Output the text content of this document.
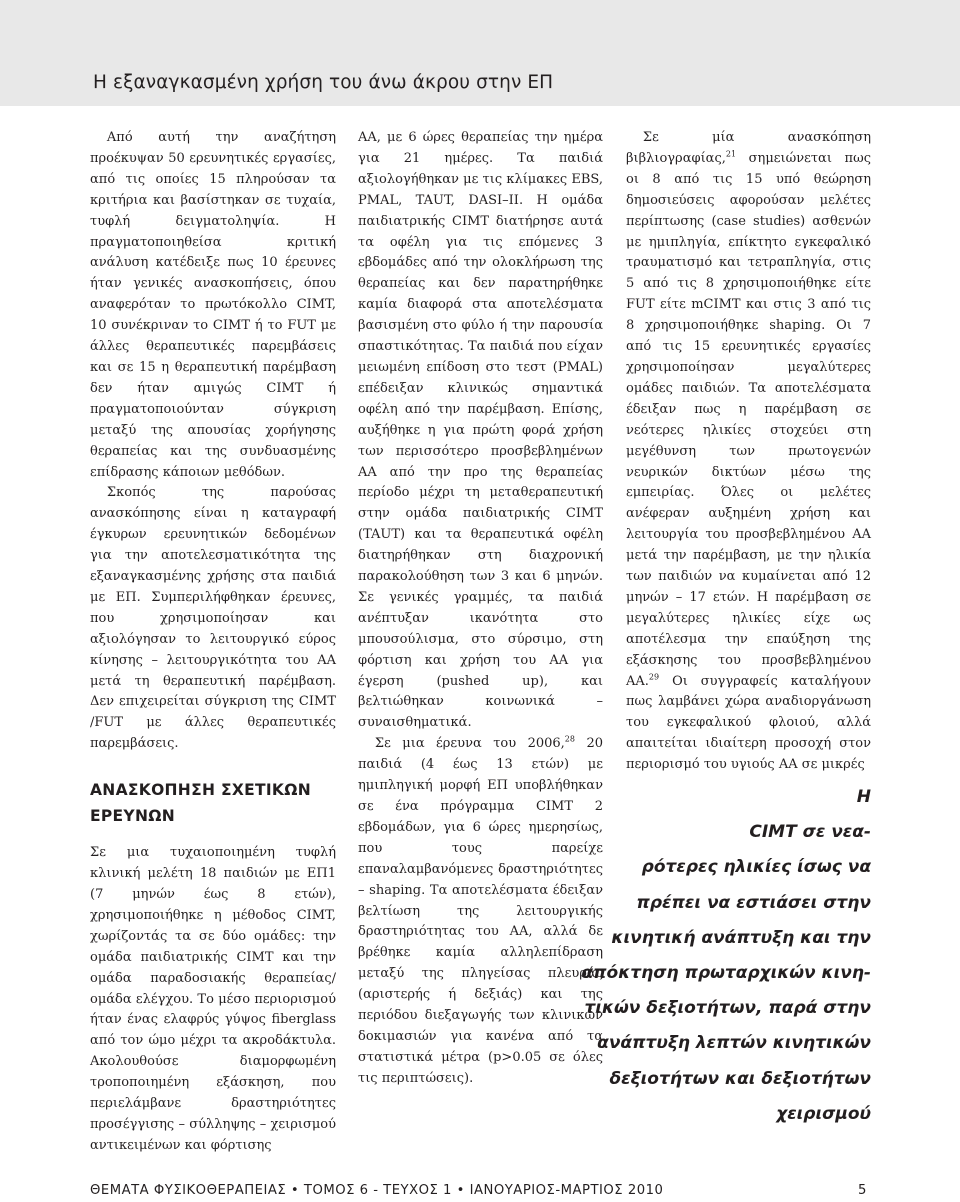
Η εξαναγκασμένη χρήση του άνω άκρου στην ΕΠ

Από αυτή την αναζήτηση προέκυψαν 50 ερευνητικές εργασίες, από τις οποίες 15 πληρούσαν τα κριτήρια και βασίστηκαν σε τυχαία, τυφλή δειγματοληψία. Η πραγματοποιηθείσα κριτική ανάλυση κατέδειξε πως 10 έρευνες ήταν γενικές ανασκοπήσεις, όπου αναφερόταν το πρωτόκολλο CIMT, 10 συνέκριναν το CIMT ή το FUT με άλλες θεραπευτικές παρεμβάσεις και σε 15 η θεραπευτική παρέμβαση δεν ήταν αμιγώς CIMT ή πραγματοποιούνταν σύγκριση μεταξύ της απουσίας χορήγησης θεραπείας και της συνδυασμένης επίδρασης κάποιων μεθόδων.

Σκοπός της παρούσας ανασκόπησης είναι η καταγραφή έγκυρων ερευνητικών δεδομένων για την αποτελεσματικότητα της εξαναγκασμένης χρήσης στα παιδιά με ΕΠ. Συμπεριλήφθηκαν έρευνες, που χρησιμοποίησαν και αξιολόγησαν το λειτουργικό εύρος κίνησης – λειτουργικότητα του ΑΑ μετά τη θεραπευτική παρέμβαση. Δεν επιχειρείται σύγκριση της CIMT /FUT με άλλες θεραπευτικές παρεμβάσεις.

ΑΝΑΣΚΟΠΗΣΗ ΣΧΕΤΙΚΩΝ ΕΡΕΥΝΩΝ

Σε μια τυχαιοποιημένη τυφλή κλινική μελέτη 18 παιδιών με ΕΠ1 (7 μηνών έως 8 ετών), χρησιμοποιήθηκε η μέθοδος CIMT, χωρίζοντάς τα σε δύο ομάδες: την ομάδα παιδιατρικής CIMT και την ομάδα παραδοσιακής θεραπείας/ομάδα ελέγχου. Το μέσο περιορισμού ήταν ένας ελαφρύς γύψος fiberglass από τον ώμο μέχρι τα ακροδάκτυλα. Ακολουθούσε διαμορφωμένη τροποποιημένη εξάσκηση, που περιελάμβανε δραστηριότητες προσέγγισης – σύλληψης – χειρισμού αντικειμένων και φόρτισης

ΑΑ, με 6 ώρες θεραπείας την ημέρα για 21 ημέρες. Τα παιδιά αξιολογήθηκαν με τις κλίμακες EBS, PMAL, TAUT, DASI–II. Η ομάδα παιδιατρικής CIMT διατήρησε αυτά τα οφέλη για τις επόμενες 3 εβδομάδες από την ολοκλήρωση της θεραπείας και δεν παρατηρήθηκε καμία διαφορά στα αποτελέσματα βασισμένη στο φύλο ή την παρουσία σπαστικότητας. Τα παιδιά που είχαν μειωμένη επίδοση στο τεστ (PMAL) επέδειξαν κλινικώς σημαντικά οφέλη από την παρέμβαση. Επίσης, αυξήθηκε η για πρώτη φορά χρήση των περισσότερο προσβεβλημένων ΑΑ από την προ της θεραπείας περίοδο μέχρι τη μεταθεραπευτική στην ομάδα παιδιατρικής CIMT (TAUT) και τα θεραπευτικά οφέλη διατηρήθηκαν στη διαχρονική παρακολούθηση των 3 και 6 μηνών. Σε γενικές γραμμές, τα παιδιά ανέπτυξαν ικανότητα στο μπουσούλισμα, στο σύρσιμο, στη φόρτιση και χρήση του ΑΑ για έγερση (pushed up), και βελτιώθηκαν κοινωνικά – συναισθηματικά.

Σε μια έρευνα του 2006,28 20 παιδιά (4 έως 13 ετών) με ημιπληγική μορφή ΕΠ υποβλήθηκαν σε ένα πρόγραμμα CIMT 2 εβδομάδων, για 6 ώρες ημερησίως, που τους παρείχε επαναλαμβανόμενες δραστηριότητες – shaping. Τα αποτελέσματα έδειξαν βελτίωση της λειτουργικής δραστηριότητας του ΑΑ, αλλά δε βρέθηκε καμία αλληλεπίδραση μεταξύ της πληγείσας πλευράς (αριστερής ή δεξιάς) και της περιόδου διεξαγωγής των κλινικών δοκιμασιών για κανένα από τα στατιστικά μέτρα (p>0.05 σε όλες τις περιπτώσεις).

Σε μία ανασκόπηση βιβλιογραφίας,$^{21}$ σημειώνεται πως οι 8 από τις 15 υπό θεώρηση δημοσιεύσεις αφορούσαν μελέτες περίπτωσης (case studies) ασθενών με ημιπληγία, επίκτητο εγκεφαλικό τραυματισμό και τετραπληγία, στις 5 από τις 8 χρησιμοποιήθηκε είτε FUT είτε mCIMT και στις 3 από τις 8 χρησιμοποιήθηκε shaping. Οι 7 από τις 15 ερευνητικές εργασίες χρησιμοποίησαν μεγαλύτερες ομάδες παιδιών. Τα αποτελέσματα έδειξαν πως η παρέμβαση σε νεότερες ηλικίες στοχεύει στη μεγέθυνση των πρωτογενών νευρικών δικτύων μέσω της εμπειρίας. Όλες οι μελέτες ανέφεραν αυξημένη χρήση και λειτουργία του προσβεβλημένου ΑΑ μετά την παρέμβαση, με την ηλικία των παιδιών να κυμαίνεται από 12 μηνών – 17 ετών. Η παρέμβαση σε μεγαλύτερες ηλικίες είχε ως αποτέλεσμα την επαύξηση της εξάσκησης του προσβεβλημένου ΑΑ.$^{29}$ Οι συγγραφείς καταλήγουν πως λαμβάνει χώρα αναδιοργάνωση του εγκεφαλικού φλοιού, αλλά απαιτείται ιδιαίτερη προσοχή στον περιορισμό του υγιούς ΑΑ σε μικρές

Η
CIMT σε νεα-
ρότερες ηλικίες ίσως να
πρέπει να εστιάσει στην
κινητική ανάπτυξη και την
απόκτηση πρωταρχικών κινη-
τικών δεξιοτήτων, παρά στην
ανάπτυξη λεπτών κινητικών
δεξιοτήτων και δεξιοτήτων
χειρισμού
ΘΕΜΑΤΑ ΦΥΣΙΚΟΘΕΡΑΠΕΙΑΣ • ΤΟΜΟΣ 6 - ΤΕΥΧΟΣ 1 • ΙΑΝΟΥΑΡΙΟΣ-ΜΑΡΤΙΟΣ 2010	5
